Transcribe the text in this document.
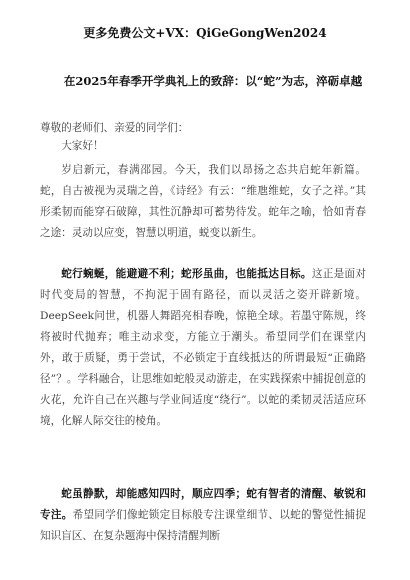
更多免费公文+VX：QiGeGongWen2024
在2025年春季开学典礼上的致辞：以“蛇”为志，淬砺卓越
尊敬的老师们、亲爱的同学们：
大家好！
岁启新元，春满邵园。今天，我们以昂扬之态共启蛇年新篇。蛇，自古被视为灵瑞之兽，《诗经》有云：“维虺维蛇，女子之祥。”其形柔韧而能穿石破障，其性沉静却可蓄势待发。蛇年之喻，恰如青春之途：灵动以应变，智慧以明道，蜕变以新生。
蛇行蜿蜒，能避避不利；蛇形虽曲，也能抵达目标。这正是面对时代变局的智慧，不拘泥于固有路径，而以灵活之姿开辟新境。DeepSeek问世，机器人舞蹈亮相春晚，惊艳全球。若墨守陈规，终将被时代抛弃；唯主动求变，方能立于潮头。希望同学们在课堂内外，敢于质疑，勇于尝试，不必锁定于直线抵达的所谓最短“正确路径”？。学科融合，让思维如蛇般灵动游走，在实践探索中捕捉创意的火花，允许自己在兴趣与学业间适度“绕行”。以蛇的柔韧灵活适应环境，化解人际交往的棱角。
蛇虽静默，却能感知四时，顺应四季；蛇有智者的清醒、敏锐和专注。希望同学们像蛇锁定目标般专注课堂细节、以蛇的警觉性捕捉知识盲区、在复杂题海中保持清醒判断
